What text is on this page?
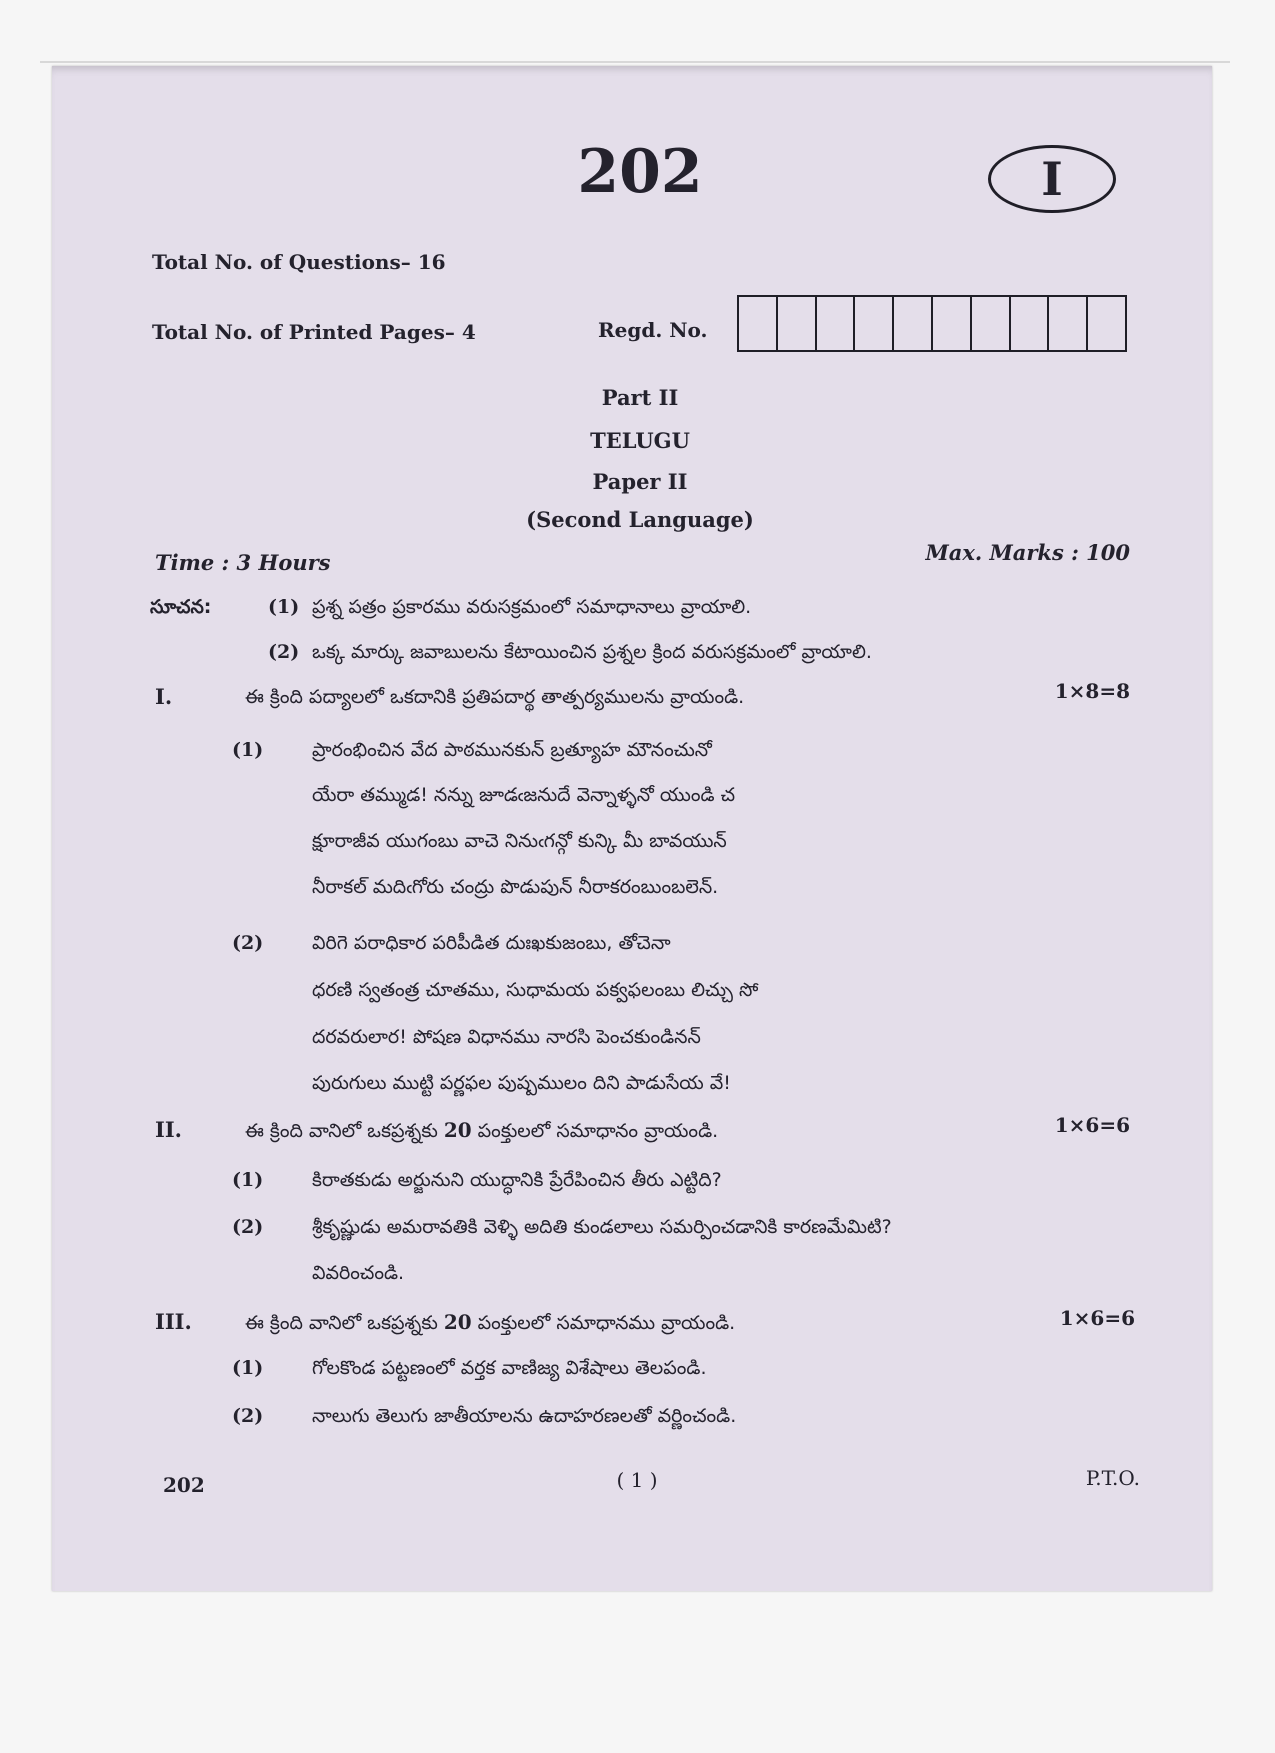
202	I
Total No. of Questions– 16
Total No. of Printed Pages– 4	Regd. No.
Part II
TELUGU
Paper II
(Second Language)
Time : 3 Hours	Max. Marks : 100
సూచన:	(1) ప్రశ్న పత్రం ప్రకారము వరుసక్రమంలో సమాధానాలు వ్రాయాలి.
(2) ఒక్క మార్కు జవాబులను కేటాయించిన ప్రశ్నల క్రింద వరుసక్రమంలో వ్రాయాలి.
I.	ఈ క్రింది పద్యాలలో ఒకదానికి ప్రతిపదార్థ తాత్పర్యములను వ్రాయండి.	1×8=8
(1)	ప్రారంభించిన వేద పాఠమునకున్ బ్రత్యూహ మౌనంచునో
యేరా తమ్ముడ! నన్ను జూడఁజనుదే వెన్నాళ్ళనో యుండి చ
క్షూరాజీవ యుగంబు వాచె నినుఁగన్గో కున్కి మీ బావయున్
నీరాకల్ మదిఁగోరు చంద్రు పొడుపున్ నీరాకరంబుంబలెన్.
(2)	విరిగె పరాధికార పరిపీడిత దుఃఖకుజంబు, తోచెనా
ధరణి స్వతంత్ర చూతము, సుధామయ పక్వఫలంబు లిచ్చు సో
దరవరులార! పోషణ విధానము నారసి పెంచకుండినన్
పురుగులు ముట్టి పర్ణఫల పుష్పములం దిని పాడుసేయ వే!
II.	ఈ క్రింది వానిలో ఒకప్రశ్నకు 20 పంక్తులలో సమాధానం వ్రాయండి.	1×6=6
(1)	కిరాతకుడు అర్జునుని యుద్ధానికి ప్రేరేపించిన తీరు ఎట్టిది?
(2)	శ్రీకృష్ణుడు అమరావతికి వెళ్ళి అదితి కుండలాలు సమర్పించడానికి కారణమేమిటి?
వివరించండి.
III.	ఈ క్రింది వానిలో ఒకప్రశ్నకు 20 పంక్తులలో సమాధానము వ్రాయండి.	1×6=6
(1)	గోలకొండ పట్టణంలో వర్తక వాణిజ్య విశేషాలు తెలపండి.
(2)	నాలుగు తెలుగు జాతీయాలను ఉదాహరణలతో వర్ణించండి.
202	( 1 )	P.T.O.
